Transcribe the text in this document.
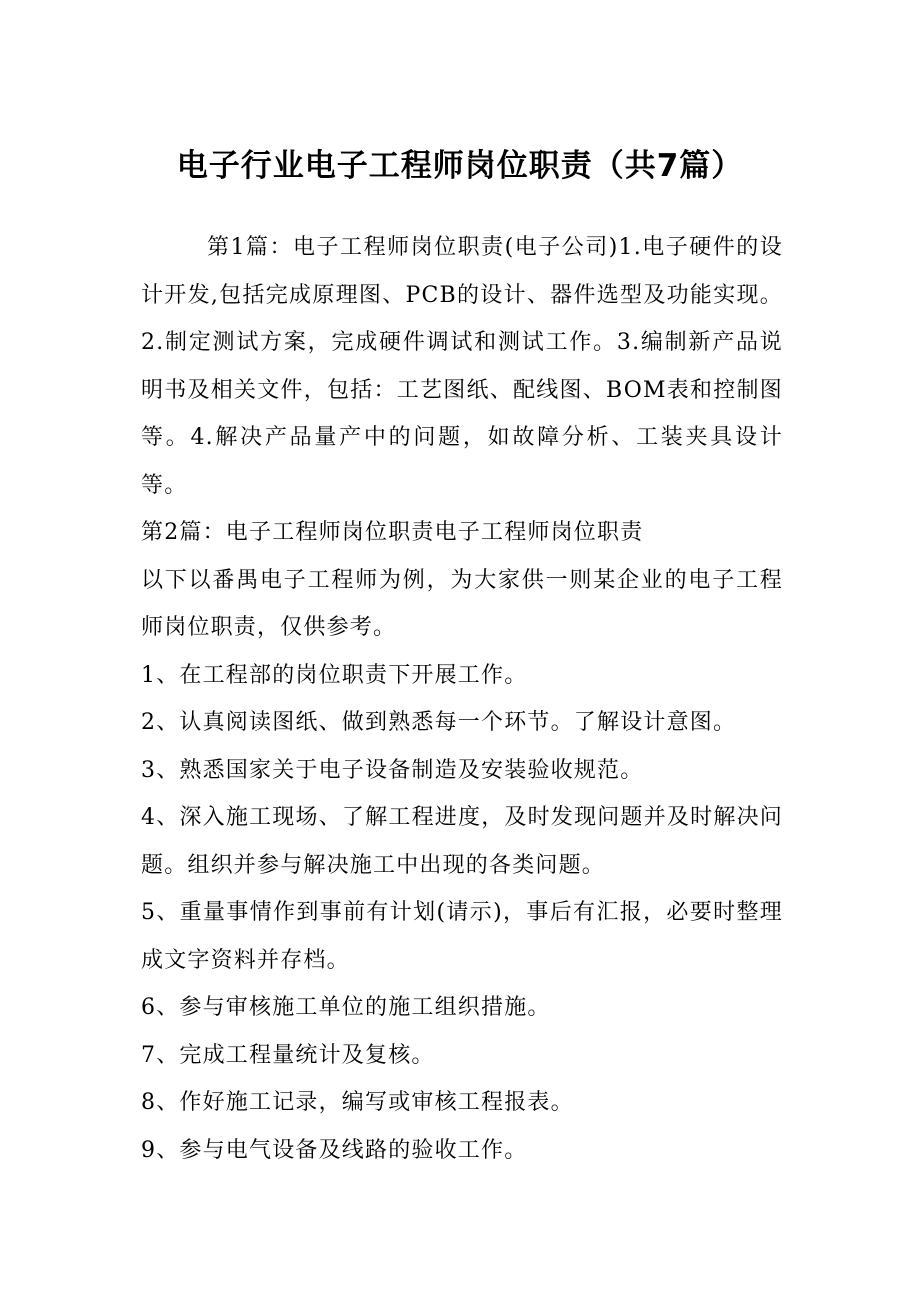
电子行业电子工程师岗位职责（共7篇）

第1篇：电子工程师岗位职责(电子公司)1.电子硬件的设计开发,包括完成原理图、PCB的设计、器件选型及功能实现。2.制定测试方案，完成硬件调试和测试工作。3.编制新产品说明书及相关文件，包括：工艺图纸、配线图、BOM表和控制图等。4.解决产品量产中的问题，如故障分析、工装夹具设计等。

第2篇：电子工程师岗位职责电子工程师岗位职责

以下以番禺电子工程师为例，为大家供一则某企业的电子工程师岗位职责，仅供参考。

1、在工程部的岗位职责下开展工作。

2、认真阅读图纸、做到熟悉每一个环节。了解设计意图。

3、熟悉国家关于电子设备制造及安装验收规范。

4、深入施工现场、了解工程进度，及时发现问题并及时解决问题。组织并参与解决施工中出现的各类问题。

5、重量事情作到事前有计划(请示)，事后有汇报，必要时整理成文字资料并存档。

6、参与审核施工单位的施工组织措施。

7、完成工程量统计及复核。

8、作好施工记录，编写或审核工程报表。

9、参与电气设备及线路的验收工作。
